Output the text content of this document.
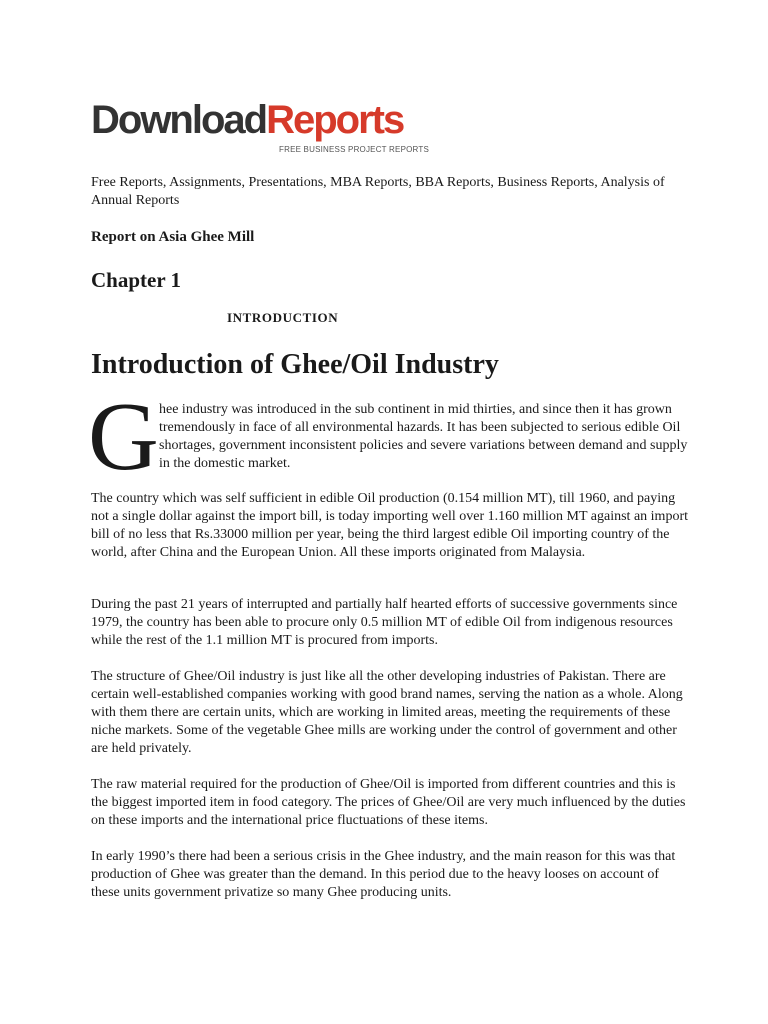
DownloadReports
FREE BUSINESS PROJECT REPORTS
Free Reports, Assignments, Presentations, MBA Reports, BBA Reports, Business Reports, Analysis of Annual Reports
Report on Asia Ghee Mill
Chapter 1
INTRODUCTION
Introduction of Ghee/Oil Industry
G hee industry was introduced in the sub continent in mid thirties, and since then it has grown tremendously in face of all environmental hazards. It has been subjected to serious edible Oil shortages, government inconsistent policies and severe variations between demand and supply in the domestic market.
The country which was self sufficient in edible Oil production (0.154 million MT), till 1960, and paying not a single dollar against the import bill, is today importing well over 1.160 million MT against an import bill of no less that Rs.33000 million per year, being the third largest edible Oil importing country of the world, after China and the European Union. All these imports originated from Malaysia.
During the past 21 years of interrupted and partially half hearted efforts of successive governments since 1979, the country has been able to procure only 0.5 million MT of edible Oil from indigenous resources while the rest of the 1.1 million MT is procured from imports.
The structure of Ghee/Oil industry is just like all the other developing industries of Pakistan. There are certain well-established companies working with good brand names, serving the nation as a whole. Along with them there are certain units, which are working in limited areas, meeting the requirements of these niche markets. Some of the vegetable Ghee mills are working under the control of government and other are held privately.
The raw material required for the production of Ghee/Oil is imported from different countries and this is the biggest imported item in food category. The prices of Ghee/Oil are very much influenced by the duties on these imports and the international price fluctuations of these items.
In early 1990’s there had been a serious crisis in the Ghee industry, and the main reason for this was that production of Ghee was greater than the demand. In this period due to the heavy looses on account of these units government privatize so many Ghee producing units.
